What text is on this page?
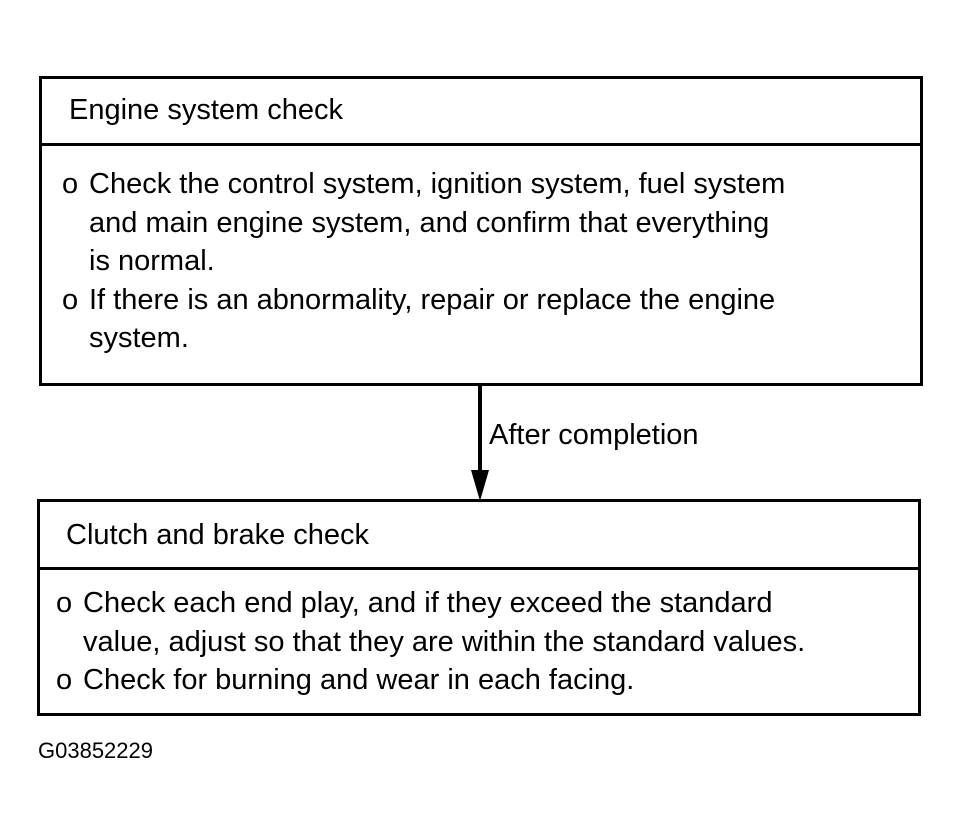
Engine system check
o Check the control system, ignition system, fuel system
and main engine system, and confirm that everything
is normal.
o If there is an abnormality, repair or replace the engine
system.
After completion
Clutch and brake check
o Check each end play, and if they exceed the standard
value, adjust so that they are within the standard values.
o Check for burning and wear in each facing.
G03852229
